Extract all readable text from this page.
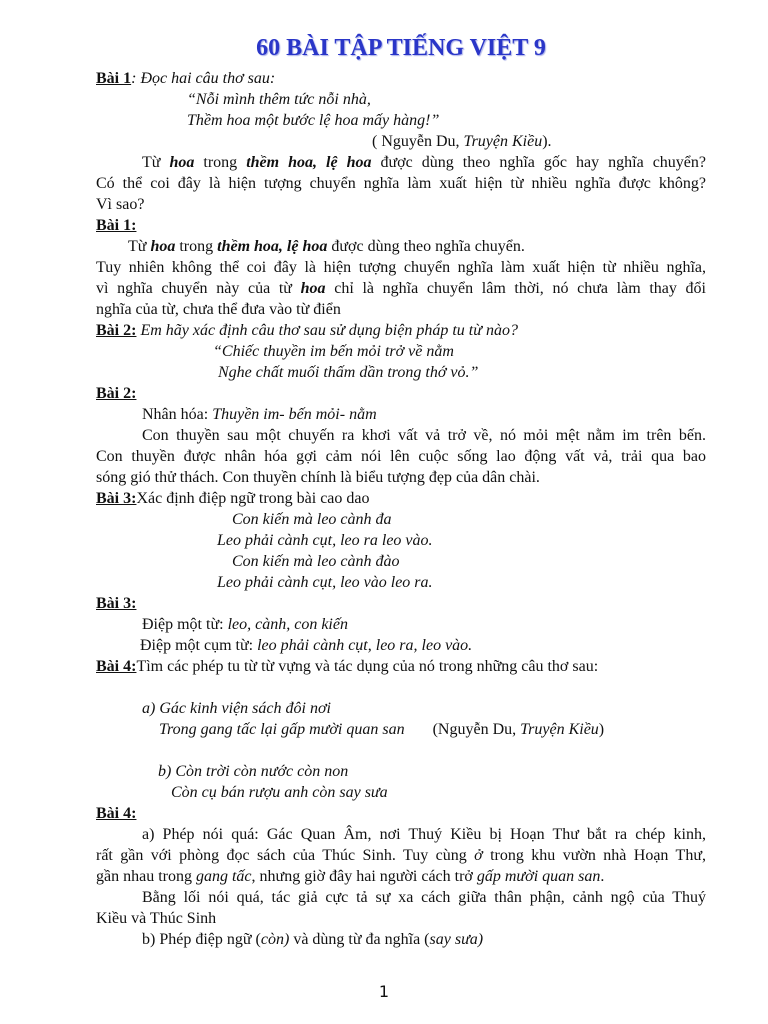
60 BÀI TẬP TIẾNG VIỆT 9
Bài 1: Đọc hai câu thơ sau:
“Nỗi mình thêm tức nỗi nhà,
Thềm hoa một bước lệ hoa mấy hàng!”
( Nguyễn Du, Truyện Kiều).
Từ hoa trong thềm hoa, lệ hoa được dùng theo nghĩa gốc hay nghĩa chuyển?
Có thể coi đây là hiện tượng chuyển nghĩa làm xuất hiện từ nhiều nghĩa được không?
Vì sao?
Bài 1:
Từ hoa trong thềm hoa, lệ hoa được dùng theo nghĩa chuyển.
Tuy nhiên không thể coi đây là hiện tượng chuyển nghĩa làm xuất hiện từ nhiều nghĩa,
vì nghĩa chuyển này của từ hoa chỉ là nghĩa chuyển lâm thời, nó chưa làm thay đổi
nghĩa của từ, chưa thể đưa vào từ điển
Bài 2: Em hãy xác định câu thơ sau sử dụng biện pháp tu từ nào?
“Chiếc thuyền im bến mỏi trở về nằm
Nghe chất muối thấm dần trong thớ vỏ.”
Bài 2:
Nhân hóa: Thuyền im- bến mỏi- nằm
Con thuyền sau một chuyến ra khơi vất vả trở về, nó mỏi mệt nằm im trên bến.
Con thuyền được nhân hóa gợi cảm nói lên cuộc sống lao động vất vả, trải qua bao
sóng gió thử thách. Con thuyền chính là biểu tượng đẹp của dân chài.
Bài 3:Xác định điệp ngữ trong bài cao dao
Con kiến mà leo cành đa
Leo phải cành cụt, leo ra leo vào.
Con kiến mà leo cành đào
Leo phải cành cụt, leo vào leo ra.
Bài 3:
Điệp một từ: leo, cành, con kiến
Điệp một cụm từ: leo phải cành cụt, leo ra, leo vào.
Bài 4:Tìm các phép tu từ từ vựng và tác dụng của nó trong những câu thơ sau:
a) Gác kinh viện sách đôi nơi
Trong gang tấc lại gấp mười quan san (Nguyễn Du, Truyện Kiều)
b) Còn trời còn nước còn non
Còn cụ bán rượu anh còn say sưa
Bài 4:
a) Phép nói quá: Gác Quan Âm, nơi Thuý Kiều bị Hoạn Thư bắt ra chép kinh,
rất gần với phòng đọc sách của Thúc Sinh. Tuy cùng ở trong khu vườn nhà Hoạn Thư,
gần nhau trong gang tấc, nhưng giờ đây hai người cách trở gấp mười quan san.
Bằng lối nói quá, tác giả cực tả sự xa cách giữa thân phận, cảnh ngộ của Thuý
Kiều và Thúc Sinh
b) Phép điệp ngữ (còn) và dùng từ đa nghĩa (say sưa)
1
